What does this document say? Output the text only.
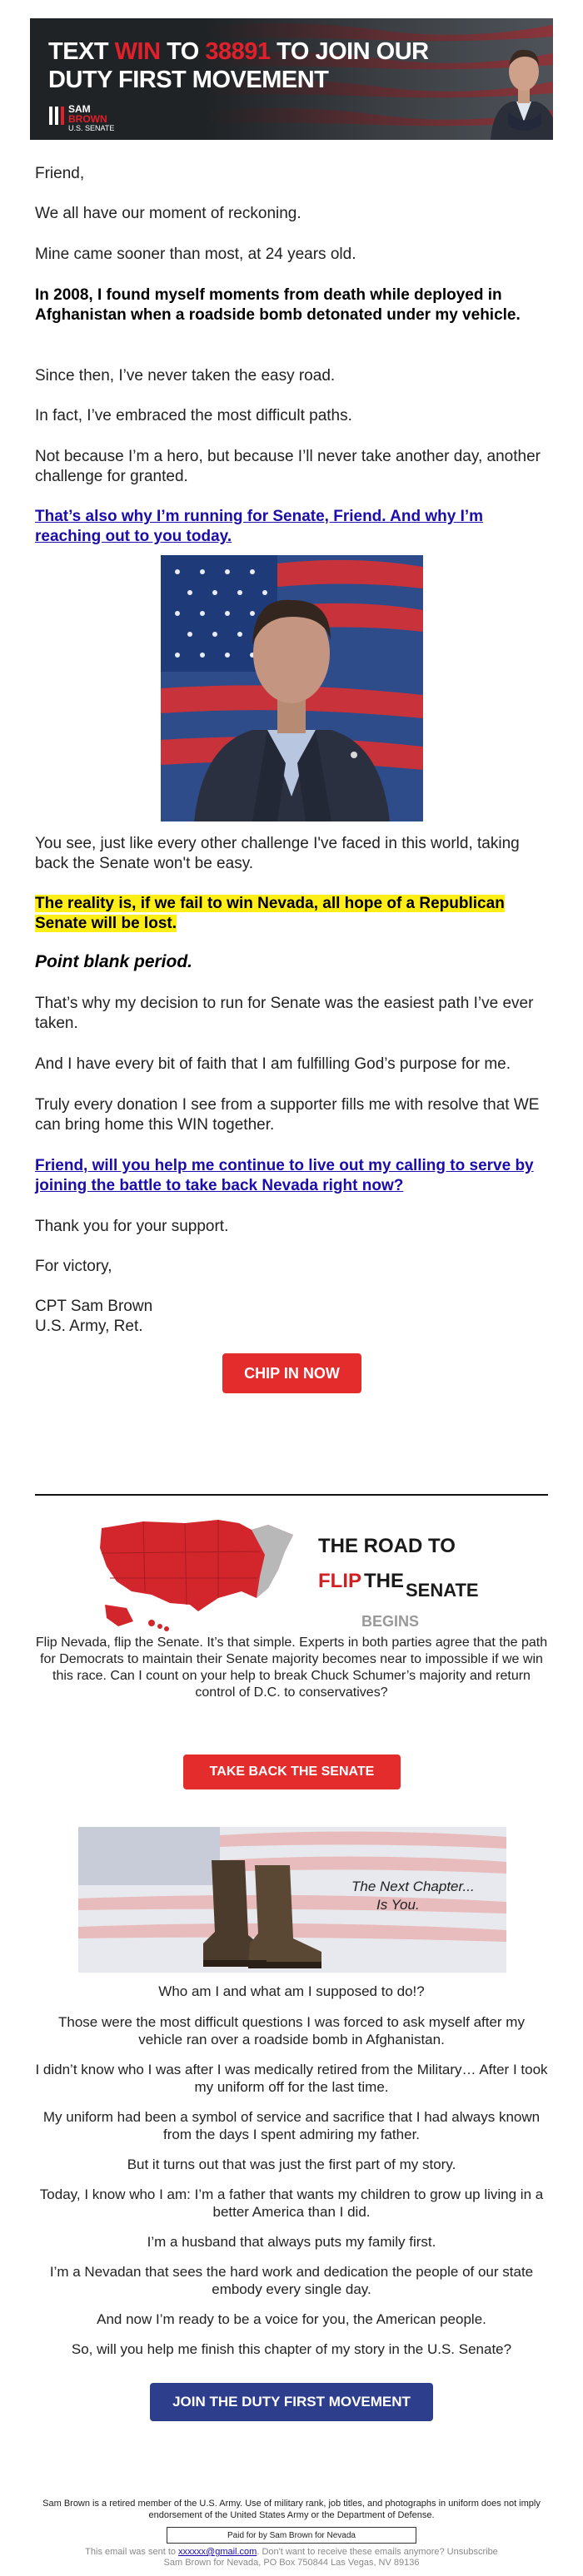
TEXT WIN TO 38891 TO JOIN OUR
DUTY FIRST MOVEMENT
SAM
BROWN
U.S. SENATE

Friend,

We all have our moment of reckoning.

Mine came sooner than most, at 24 years old.

In 2008, I found myself moments from death while deployed in Afghanistan when a roadside bomb detonated under my vehicle.

Since then, I’ve never taken the easy road.

In fact, I’ve embraced the most difficult paths.

Not because I’m a hero, but because I’ll never take another day, another challenge for granted.

That’s also why I’m running for Senate, Friend. And why I’m reaching out to you today.

You see, just like every other challenge I've faced in this world, taking back the Senate won't be easy.

The reality is, if we fail to win Nevada, all hope of a Republican Senate will be lost.

Point blank period.

That’s why my decision to run for Senate was the easiest path I’ve ever taken.

And I have every bit of faith that I am fulfilling God’s purpose for me.

Truly every donation I see from a supporter fills me with resolve that WE can bring home this WIN together.

Friend, will you help me continue to live out my calling to serve by joining the battle to take back Nevada right now?

Thank you for your support.

For victory,

CPT Sam Brown

U.S. Army, Ret.

CHIP IN NOW
THE ROAD TO
FLIP THE SENATE
BEGINS

Flip Nevada, flip the Senate. It’s that simple. Experts in both parties agree that the path for Democrats to maintain their Senate majority becomes near to impossible if we win this race. Can I count on your help to break Chuck Schumer’s majority and return control of D.C. to conservatives?

TAKE BACK THE SENATE
The Next Chapter...
Is You.

Who am I and what am I supposed to do!?

Those were the most difficult questions I was forced to ask myself after my vehicle ran over a roadside bomb in Afghanistan.

I didn’t know who I was after I was medically retired from the Military… After I took my uniform off for the last time.

My uniform had been a symbol of service and sacrifice that I had always known from the days I spent admiring my father.

But it turns out that was just the first part of my story.

Today, I know who I am: I’m a father that wants my children to grow up living in a better America than I did.

I’m a husband that always puts my family first.

I’m a Nevadan that sees the hard work and dedication the people of our state embody every single day.

And now I’m ready to be a voice for you, the American people.

So, will you help me finish this chapter of my story in the U.S. Senate?

JOIN THE DUTY FIRST MOVEMENT

Sam Brown is a retired member of the U.S. Army. Use of military rank, job titles, and photographs in uniform does not imply endorsement of the United States Army or the Department of Defense.

Paid for by Sam Brown for Nevada

This email was sent to xxxxxx@gmail.com. Don't want to receive these emails anymore? Unsubscribe

Sam Brown for Nevada, PO Box 750844 Las Vegas, NV 89136
